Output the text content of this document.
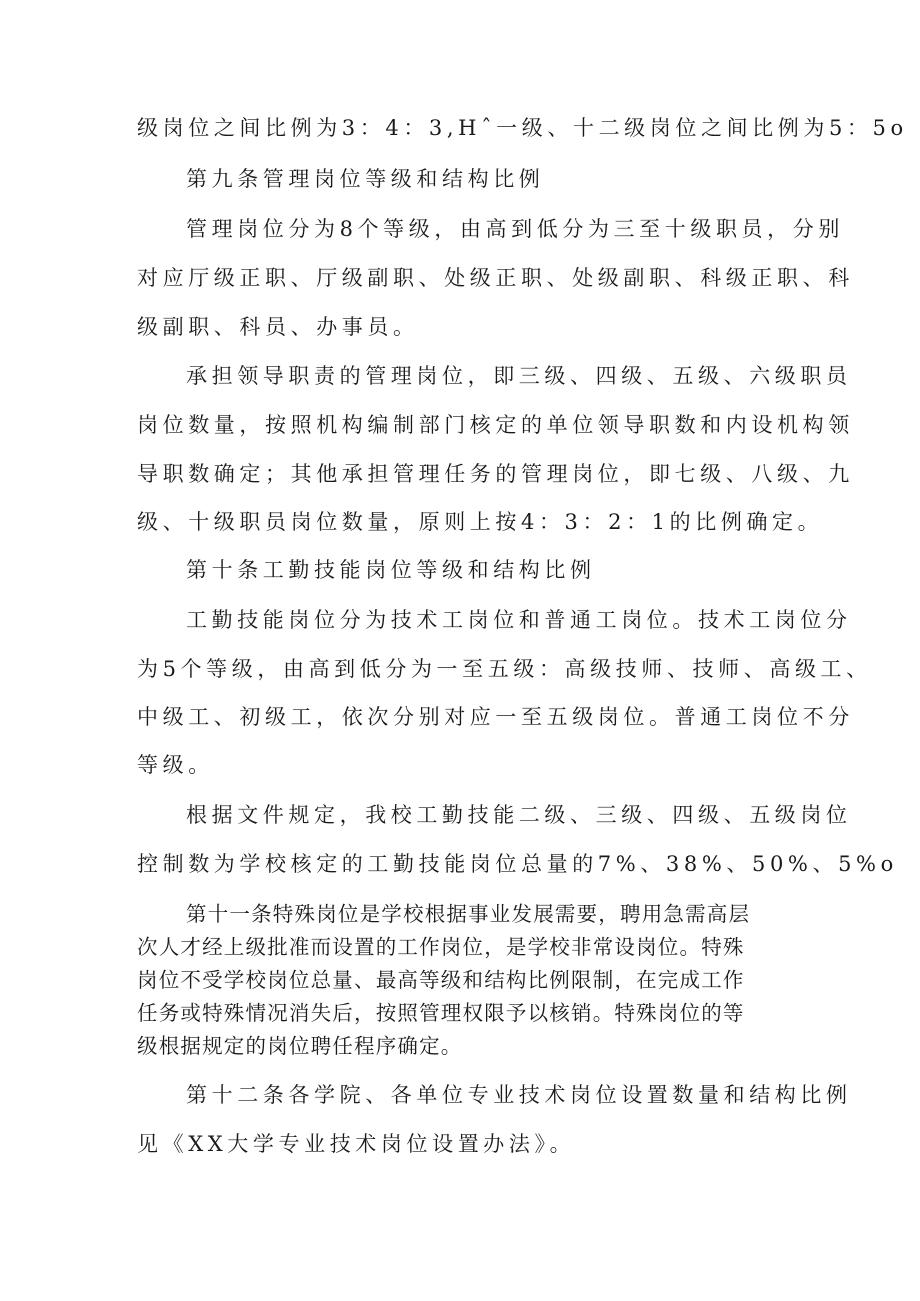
级岗位之间比例为3：4：3,Hˆ一级、十二级岗位之间比例为5：5o
第九条管理岗位等级和结构比例
管理岗位分为8个等级，由高到低分为三至十级职员，分别
对应厅级正职、厅级副职、处级正职、处级副职、科级正职、科
级副职、科员、办事员。
承担领导职责的管理岗位，即三级、四级、五级、六级职员
岗位数量，按照机构编制部门核定的单位领导职数和内设机构领
导职数确定；其他承担管理任务的管理岗位，即七级、八级、九
级、十级职员岗位数量，原则上按4：3：2：1的比例确定。
第十条工勤技能岗位等级和结构比例
工勤技能岗位分为技术工岗位和普通工岗位。技术工岗位分
为5个等级，由高到低分为一至五级：高级技师、技师、高级工、
中级工、初级工，依次分别对应一至五级岗位。普通工岗位不分
等级。
根据文件规定，我校工勤技能二级、三级、四级、五级岗位
控制数为学校核定的工勤技能岗位总量的7%、38%、50%、5%o
第十一条特殊岗位是学校根据事业发展需要，聘用急需高层
次人才经上级批准而设置的工作岗位，是学校非常设岗位。特殊
岗位不受学校岗位总量、最高等级和结构比例限制，在完成工作
任务或特殊情况消失后，按照管理权限予以核销。特殊岗位的等
级根据规定的岗位聘任程序确定。
第十二条各学院、各单位专业技术岗位设置数量和结构比例
见《XX大学专业技术岗位设置办法》。
